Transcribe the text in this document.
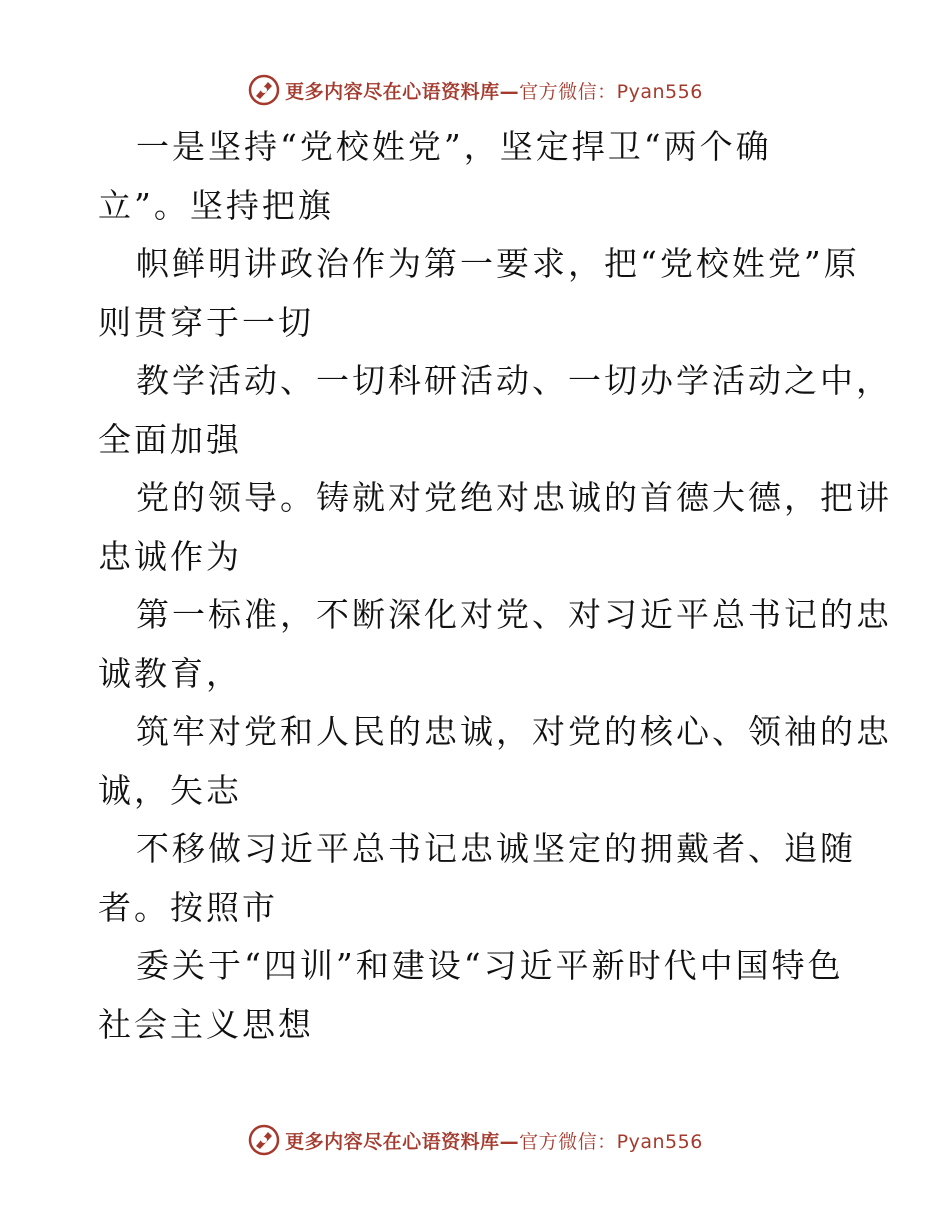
更多内容尽在心语资料库—官方微信：Pyan556
一是坚持“党校姓党”，坚定捍卫“两个确
立”。坚持把旗
帜鲜明讲政治作为第一要求，把“党校姓党”原
则贯穿于一切
教学活动、一切科研活动、一切办学活动之中，
全面加强
党的领导。铸就对党绝对忠诚的首德大德，把讲
忠诚作为
第一标准，不断深化对党、对习近平总书记的忠
诚教育，
筑牢对党和人民的忠诚，对党的核心、领袖的忠
诚，矢志
不移做习近平总书记忠诚坚定的拥戴者、追随
者。按照市
委关于“四训”和建设“习近平新时代中国特色
社会主义思想
更多内容尽在心语资料库—官方微信：Pyan556
